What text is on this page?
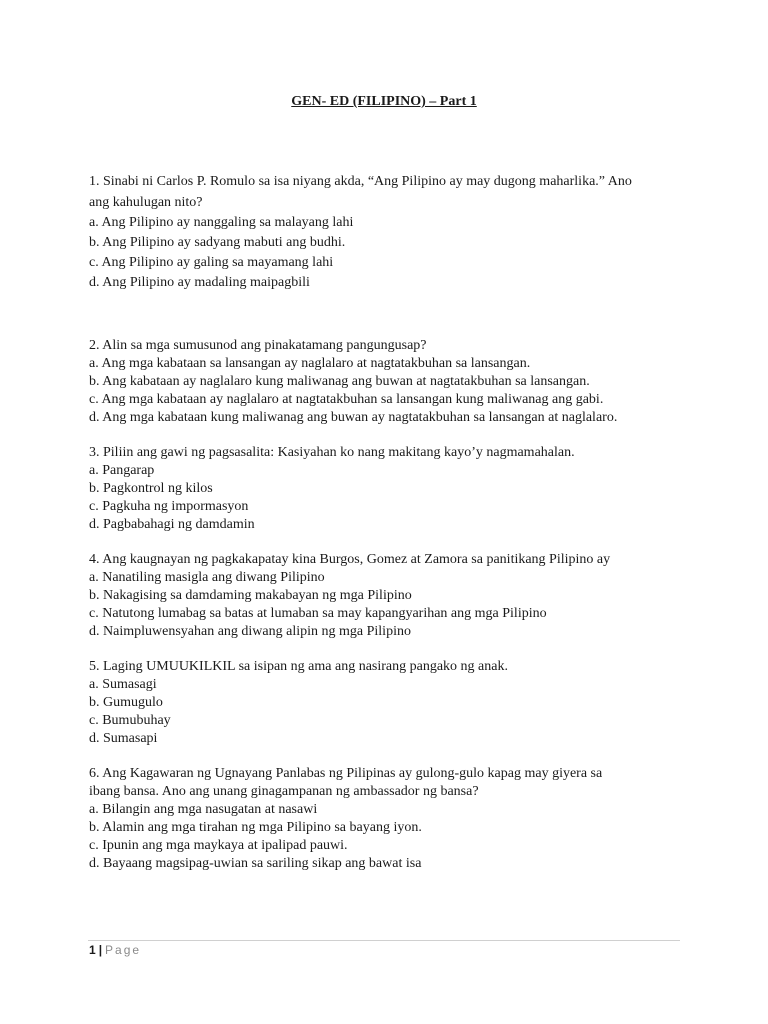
GEN- ED (FILIPINO) – Part 1

1. Sinabi ni Carlos P. Romulo sa isa niyang akda, “Ang Pilipino ay may dugong maharlika.” Ano

ang kahulugan nito?

a. Ang Pilipino ay nanggaling sa malayang lahi

b. Ang Pilipino ay sadyang mabuti ang budhi.

c. Ang Pilipino ay galing sa mayamang lahi

d. Ang Pilipino ay madaling maipagbili

2. Alin sa mga sumusunod ang pinakatamang pangungusap?

a. Ang mga kabataan sa lansangan ay naglalaro at nagtatakbuhan sa lansangan.

b. Ang kabataan ay naglalaro kung maliwanag ang buwan at nagtatakbuhan sa lansangan.

c. Ang mga kabataan ay naglalaro at nagtatakbuhan sa lansangan kung maliwanag ang gabi.

d. Ang mga kabataan kung maliwanag ang buwan ay nagtatakbuhan sa lansangan at naglalaro.

3. Piliin ang gawi ng pagsasalita: Kasiyahan ko nang makitang kayo’y nagmamahalan.

a. Pangarap

b. Pagkontrol ng kilos

c. Pagkuha ng impormasyon

d. Pagbabahagi ng damdamin

4. Ang kaugnayan ng pagkakapatay kina Burgos, Gomez at Zamora sa panitikang Pilipino ay

a. Nanatiling masigla ang diwang Pilipino

b. Nakagising sa damdaming makabayan ng mga Pilipino

c. Natutong lumabag sa batas at lumaban sa may kapangyarihan ang mga Pilipino

d. Naimpluwensyahan ang diwang alipin ng mga Pilipino

5. Laging UMUUKILKIL sa isipan ng ama ang nasirang pangako ng anak.

a. Sumasagi

b. Gumugulo

c. Bumubuhay

d. Sumasapi

6. Ang Kagawaran ng Ugnayang Panlabas ng Pilipinas ay gulong-gulo kapag may giyera sa

ibang bansa. Ano ang unang ginagampanan ng ambassador ng bansa?

a. Bilangin ang mga nasugatan at nasawi

b. Alamin ang mga tirahan ng mga Pilipino sa bayang iyon.

c. Ipunin ang mga maykaya at ipalipad pauwi.

d. Bayaang magsipag-uwian sa sariling sikap ang bawat isa

1 | Page
